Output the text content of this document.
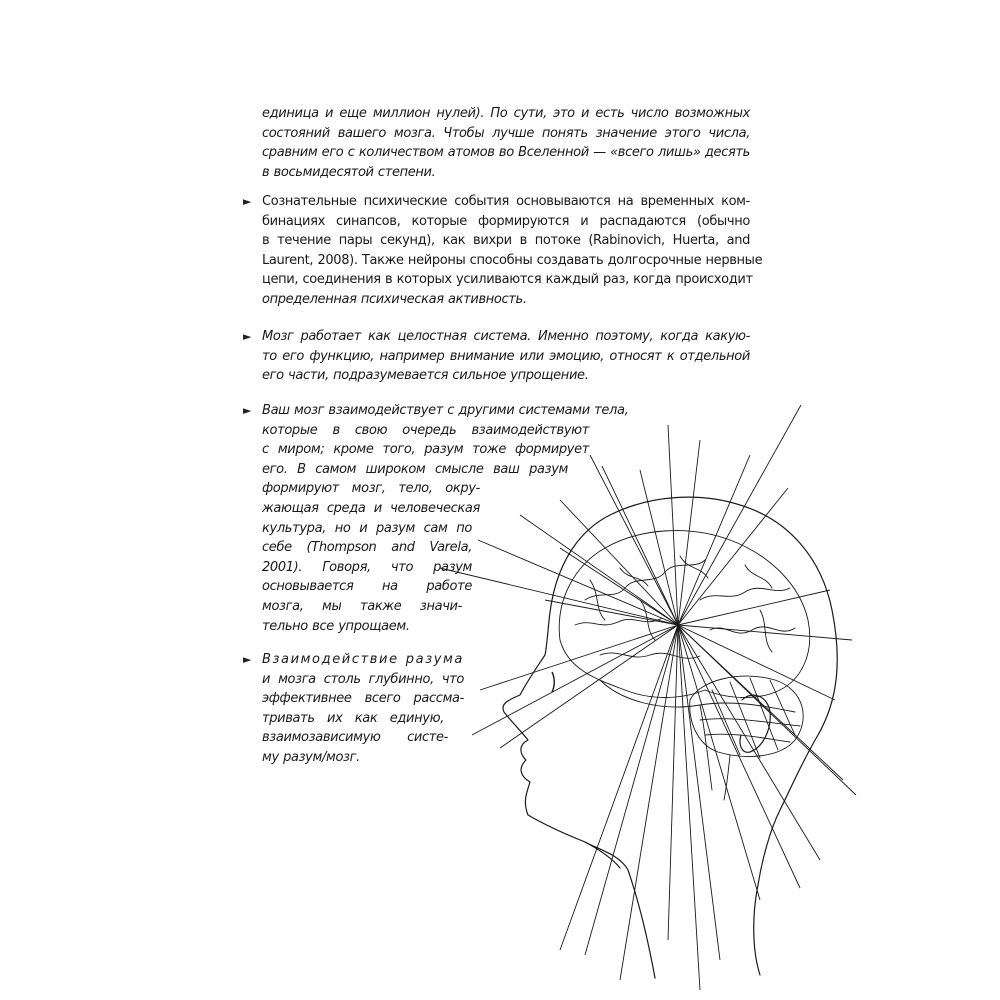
единица и еще миллион нулей). По сути, это и есть число возможных
состояний вашего мозга. Чтобы лучше понять значение этого числа,
сравним его с количеством атомов во Вселенной — «всего лишь» десять
в восьмидесятой степени.
► Сознательные психические события основываются на временных ком-
бинациях синапсов, которые формируются и распадаются (обычно
в течение пары секунд), как вихри в потоке (Rabinovich, Huerta, and
Laurent, 2008). Также нейроны способны создавать долгосрочные нервные
цепи, соединения в которых усиливаются каждый раз, когда происходит
определенная психическая активность.
► Мозг работает как целостная система. Именно поэтому, когда какую-
то его функцию, например внимание или эмоцию, относят к отдельной
его части, подразумевается сильное упрощение.
► Ваш мозг взаимодействует с другими системами тела,
которые в свою очередь взаимодействуют
с миром; кроме того, разум тоже формирует
его. В самом широком смысле ваш разум
формируют мозг, тело, окру-
жающая среда и человеческая
культура, но и разум сам по
себе (Thompson and Varela,
2001). Говоря, что разум
основывается на работе
мозга, мы также значи-
тельно все упрощаем.
► Взаимодействие разума
и мозга столь глубинно, что
эффективнее всего рассма-
тривать их как единую,
взаимозависимую систе-
му разум/мозг.
